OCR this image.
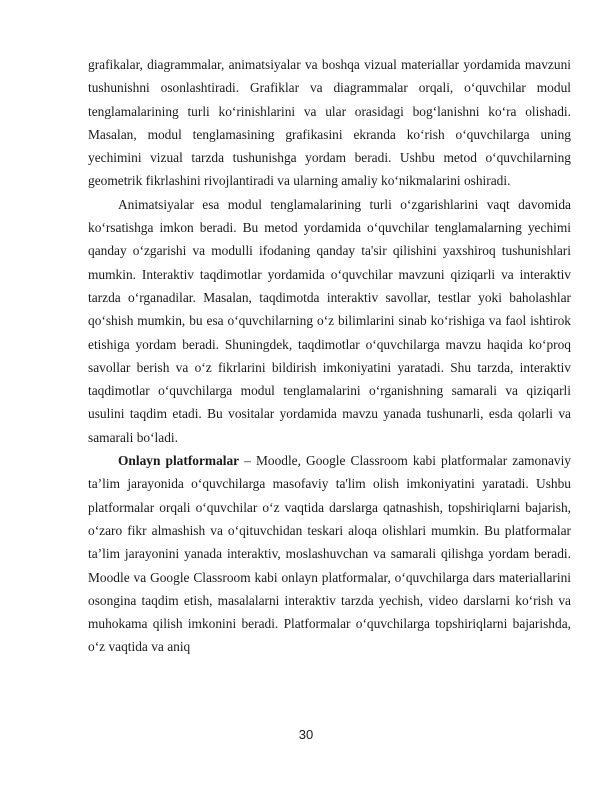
grafikalar, diagrammalar, animatsiyalar va boshqa vizual materiallar yordamida mavzuni tushunishni osonlashtiradi. Grafiklar va diagrammalar orqali, o‘quvchilar modul tenglamalarining turli ko‘rinishlarini va ular orasidagi bog‘lanishni ko‘ra olishadi. Masalan, modul tenglamasining grafikasini ekranda ko‘rish o‘quvchilarga uning yechimini vizual tarzda tushunishga yordam beradi. Ushbu metod o‘quvchilarning geometrik fikrlashini rivojlantiradi va ularning amaliy ko‘nikmalarini oshiradi.

Animatsiyalar esa modul tenglamalarining turli o‘zgarishlarini vaqt davomida ko‘rsatishga imkon beradi. Bu metod yordamida o‘quvchilar tenglamalarning yechimi qanday o‘zgarishi va modulli ifodaning qanday ta'sir qilishini yaxshiroq tushunishlari mumkin. Interaktiv taqdimotlar yordamida o‘quvchilar mavzuni qiziqarli va interaktiv tarzda o‘rganadilar. Masalan, taqdimotda interaktiv savollar, testlar yoki baholashlar qo‘shish mumkin, bu esa o‘quvchilarning o‘z bilimlarini sinab ko‘rishiga va faol ishtirok etishiga yordam beradi. Shuningdek, taqdimotlar o‘quvchilarga mavzu haqida ko‘proq savollar berish va o‘z fikrlarini bildirish imkoniyatini yaratadi. Shu tarzda, interaktiv taqdimotlar o‘quvchilarga modul tenglamalarini o‘rganishning samarali va qiziqarli usulini taqdim etadi. Bu vositalar yordamida mavzu yanada tushunarli, esda qolarli va samarali bo‘ladi.

Onlayn platformalar – Moodle, Google Classroom kabi platformalar zamonaviy ta’lim jarayonida o‘quvchilarga masofaviy ta'lim olish imkoniyatini yaratadi. Ushbu platformalar orqali o‘quvchilar o‘z vaqtida darslarga qatnashish, topshiriqlarni bajarish, o‘zaro fikr almashish va o‘qituvchidan teskari aloqa olishlari mumkin. Bu platformalar ta’lim jarayonini yanada interaktiv, moslashuvchan va samarali qilishga yordam beradi. Moodle va Google Classroom kabi onlayn platformalar, o‘quvchilarga dars materiallarini osongina taqdim etish, masalalarni interaktiv tarzda yechish, video darslarni ko‘rish va muhokama qilish imkonini beradi. Platformalar o‘quvchilarga topshiriqlarni bajarishda, o‘z vaqtida va aniq

30
